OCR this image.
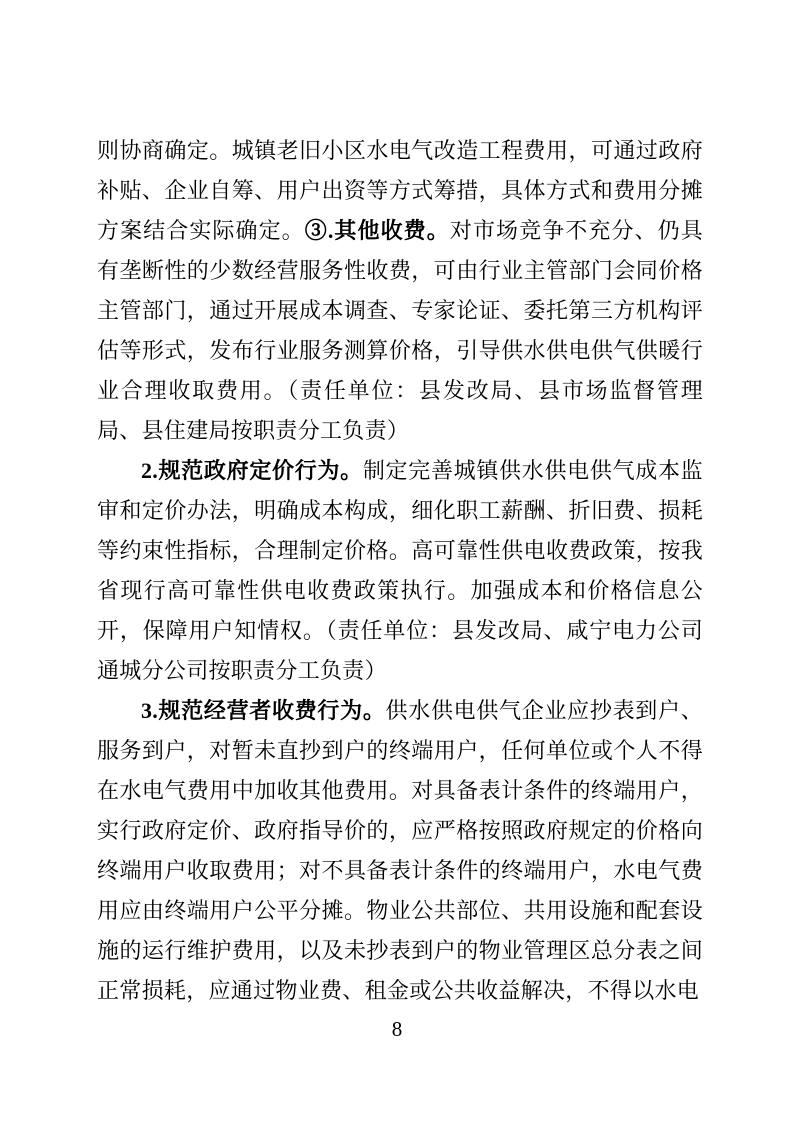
则协商确定。城镇老旧小区水电气改造工程费用，可通过政府补贴、企业自筹、用户出资等方式筹措，具体方式和费用分摊方案结合实际确定。③.其他收费。对市场竞争不充分、仍具有垄断性的少数经营服务性收费，可由行业主管部门会同价格主管部门，通过开展成本调查、专家论证、委托第三方机构评估等形式，发布行业服务测算价格，引导供水供电供气供暖行业合理收取费用。（责任单位：县发改局、县市场监督管理局、县住建局按职责分工负责）

2.规范政府定价行为。制定完善城镇供水供电供气成本监审和定价办法，明确成本构成，细化职工薪酬、折旧费、损耗等约束性指标，合理制定价格。高可靠性供电收费政策，按我省现行高可靠性供电收费政策执行。加强成本和价格信息公开，保障用户知情权。（责任单位：县发改局、咸宁电力公司通城分公司按职责分工负责）

3.规范经营者收费行为。供水供电供气企业应抄表到户、服务到户，对暂未直抄到户的终端用户，任何单位或个人不得在水电气费用中加收其他费用。对具备表计条件的终端用户，实行政府定价、政府指导价的，应严格按照政府规定的价格向终端用户收取费用；对不具备表计条件的终端用户，水电气费用应由终端用户公平分摊。物业公共部位、共用设施和配套设施的运行维护费用，以及未抄表到户的物业管理区总分表之间正常损耗，应通过物业费、租金或公共收益解决，不得以水电

8
